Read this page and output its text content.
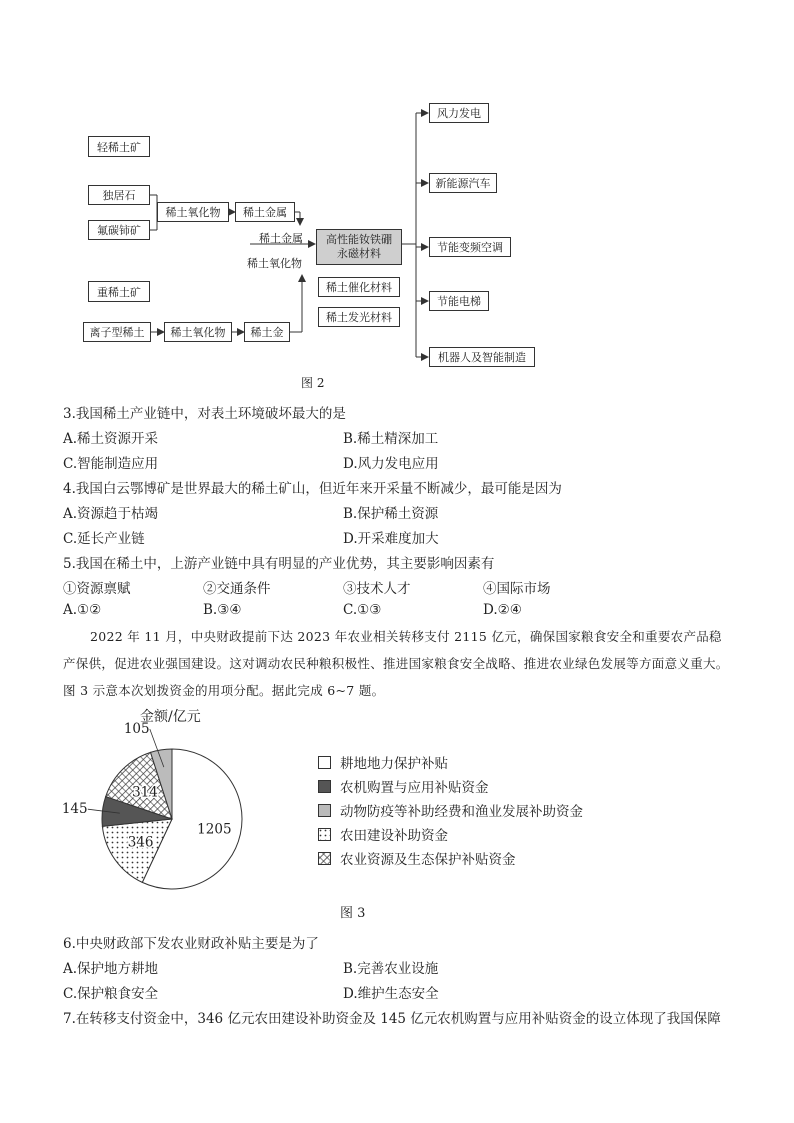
轻稀土矿
独居石
氟碳铈矿
稀土氧化物	稀土金属
重稀土矿
离子型稀土	稀土氧化物	稀土金
稀土金属
稀土氧化物
高性能钕铁硼
永磁材料
稀土催化材料
稀土发光材料
风力发电
新能源汽车
节能变频空调
节能电梯
机器人及智能制造
图 2
3.我国稀土产业链中，对表土环境破坏最大的是
A.稀土资源开采	B.稀土精深加工
C.智能制造应用	D.风力发电应用
4.我国白云鄂博矿是世界最大的稀土矿山，但近年来开采量不断减少，最可能是因为
A.资源趋于枯竭	B.保护稀土资源
C.延长产业链	D.开采难度加大
5.我国在稀土中，上游产业链中具有明显的产业优势，其主要影响因素有
①资源禀赋	②交通条件	③技术人才	④国际市场
A.①②	B.③④	C.①③	D.②④
2022 年 11 月，中央财政提前下达 2023 年农业相关转移支付 2115 亿元，确保国家粮食安全和重要农产品稳产保供，促进农业强国建设。这对调动农民种粮积极性、推进国家粮食安全战略、推进农业绿色发展等方面意义重大。图 3 示意本次划拨资金的用项分配。据此完成 6~7 题。
金额/亿元
1205
346
145
314
105
耕地地力保护补贴
农机购置与应用补贴资金
动物防疫等补助经费和渔业发展补助资金
农田建设补助资金
农业资源及生态保护补贴资金
图 3
6.中央财政部下发农业财政补贴主要是为了
A.保护地方耕地	B.完善农业设施
C.保护粮食安全	D.维护生态安全
7.在转移支付资金中，346 亿元农田建设补助资金及 145 亿元农机购置与应用补贴资金的设立体现了我国保障
